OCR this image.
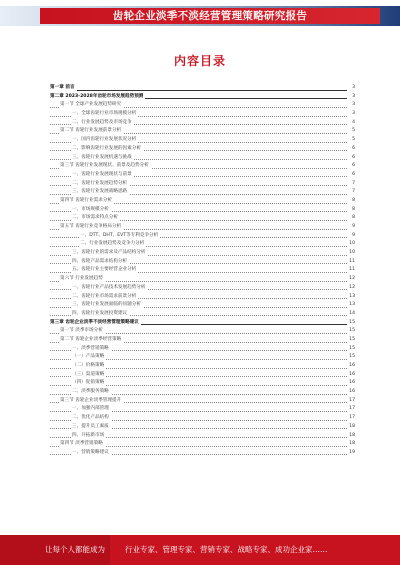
齿轮企业淡季不淡经营管理策略研究报告
内容目录
第一章 前言	3
第二章 2023-2028年齿轮市场发展趋势预测	3
第一节 全球产业发展趋势研究	3
一、全球齿轮行业市场规模分析	3
二、行业发展趋势及市场竞争	4
第二节 齿轮行业发展前景分析	5
一、国内齿轮行业发展状况分析	5
二、影响齿轮行业发展的因素分析	6
三、齿轮行业发展机遇与挑战	6
第三节 齿轮行业发展现状、前景及趋势分析	6
一、齿轮行业发展现状与前景	6
二、齿轮行业发展趋势分析	7
三、齿轮行业发展战略思路	7
第四节 齿轮行业需求分析	8
一、市场规模分析	8
二、市场需求特点分析	8
第五节 齿轮行业竞争格局分析	9
一、DTT、DHT、EVT等专利竞争分析	9
二、行业发展趋势及竞争力分析	10
三、齿轮行业的需求及产品结构分析	10
四、齿轮产品需求结构分析	11
五、齿轮行业主要经营企业分析	11
第六节 行业发展趋势	12
一、齿轮行业产品技术发展趋势分析	12
二、齿轮行业市场需求前景分析	13
三、齿轮行业发展面临的问题分析	13
四、齿轮行业发展投资建议	14
第三章 齿轮企业淡季不淡经营管理策略建议	15
第一节 淡季市场分析	15
第二节 齿轮企业淡季经营策略	15
一、淡季营销策略	15
（一）产品策略	15
（二）价格策略	16
（三）渠道策略	16
（四）促销策略	16
二、淡季服务策略	16
第三节 齿轮企业淡季管理提升	17
一、加强内部管理	17
二、优化产品结构	17
三、提升员工素质	18
四、开拓新市场	18
第四节 淡季营销策略	18
一、营销策略建议	19
让每个人都能成为	行业专家、管理专家、营销专家、战略专家、成功企业家……
